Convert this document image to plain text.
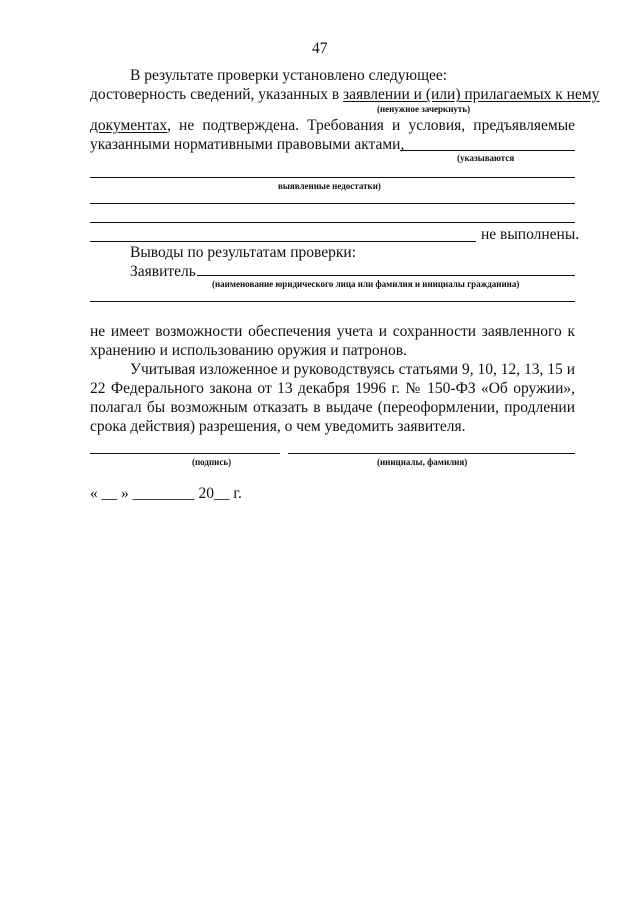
47
В результате проверки установлено следующее:
достоверность сведений, указанных в заявлении и (или) прилагаемых к нему
(ненужное зачеркнуть)
документах, не подтверждена. Требования и условия, предъявляемые
указанными нормативными правовыми актами,
(указываются
выявленные недостатки)
не выполнены.
Выводы по результатам проверки:
Заявитель
(наименование юридического лица или фамилия и инициалы гражданина)
не имеет возможности обеспечения учета и сохранности заявленного к
хранению и использованию оружия и патронов.
Учитывая изложенное и руководствуясь статьями 9, 10, 12, 13, 15 и
22 Федерального закона от 13 декабря 1996 г. № 150-ФЗ «Об оружии»,
полагал бы возможным отказать в выдаче (переоформлении, продлении
срока действия) разрешения, о чем уведомить заявителя.
(подпись)	(инициалы, фамилия)
« __ » ________ 20__ г.
